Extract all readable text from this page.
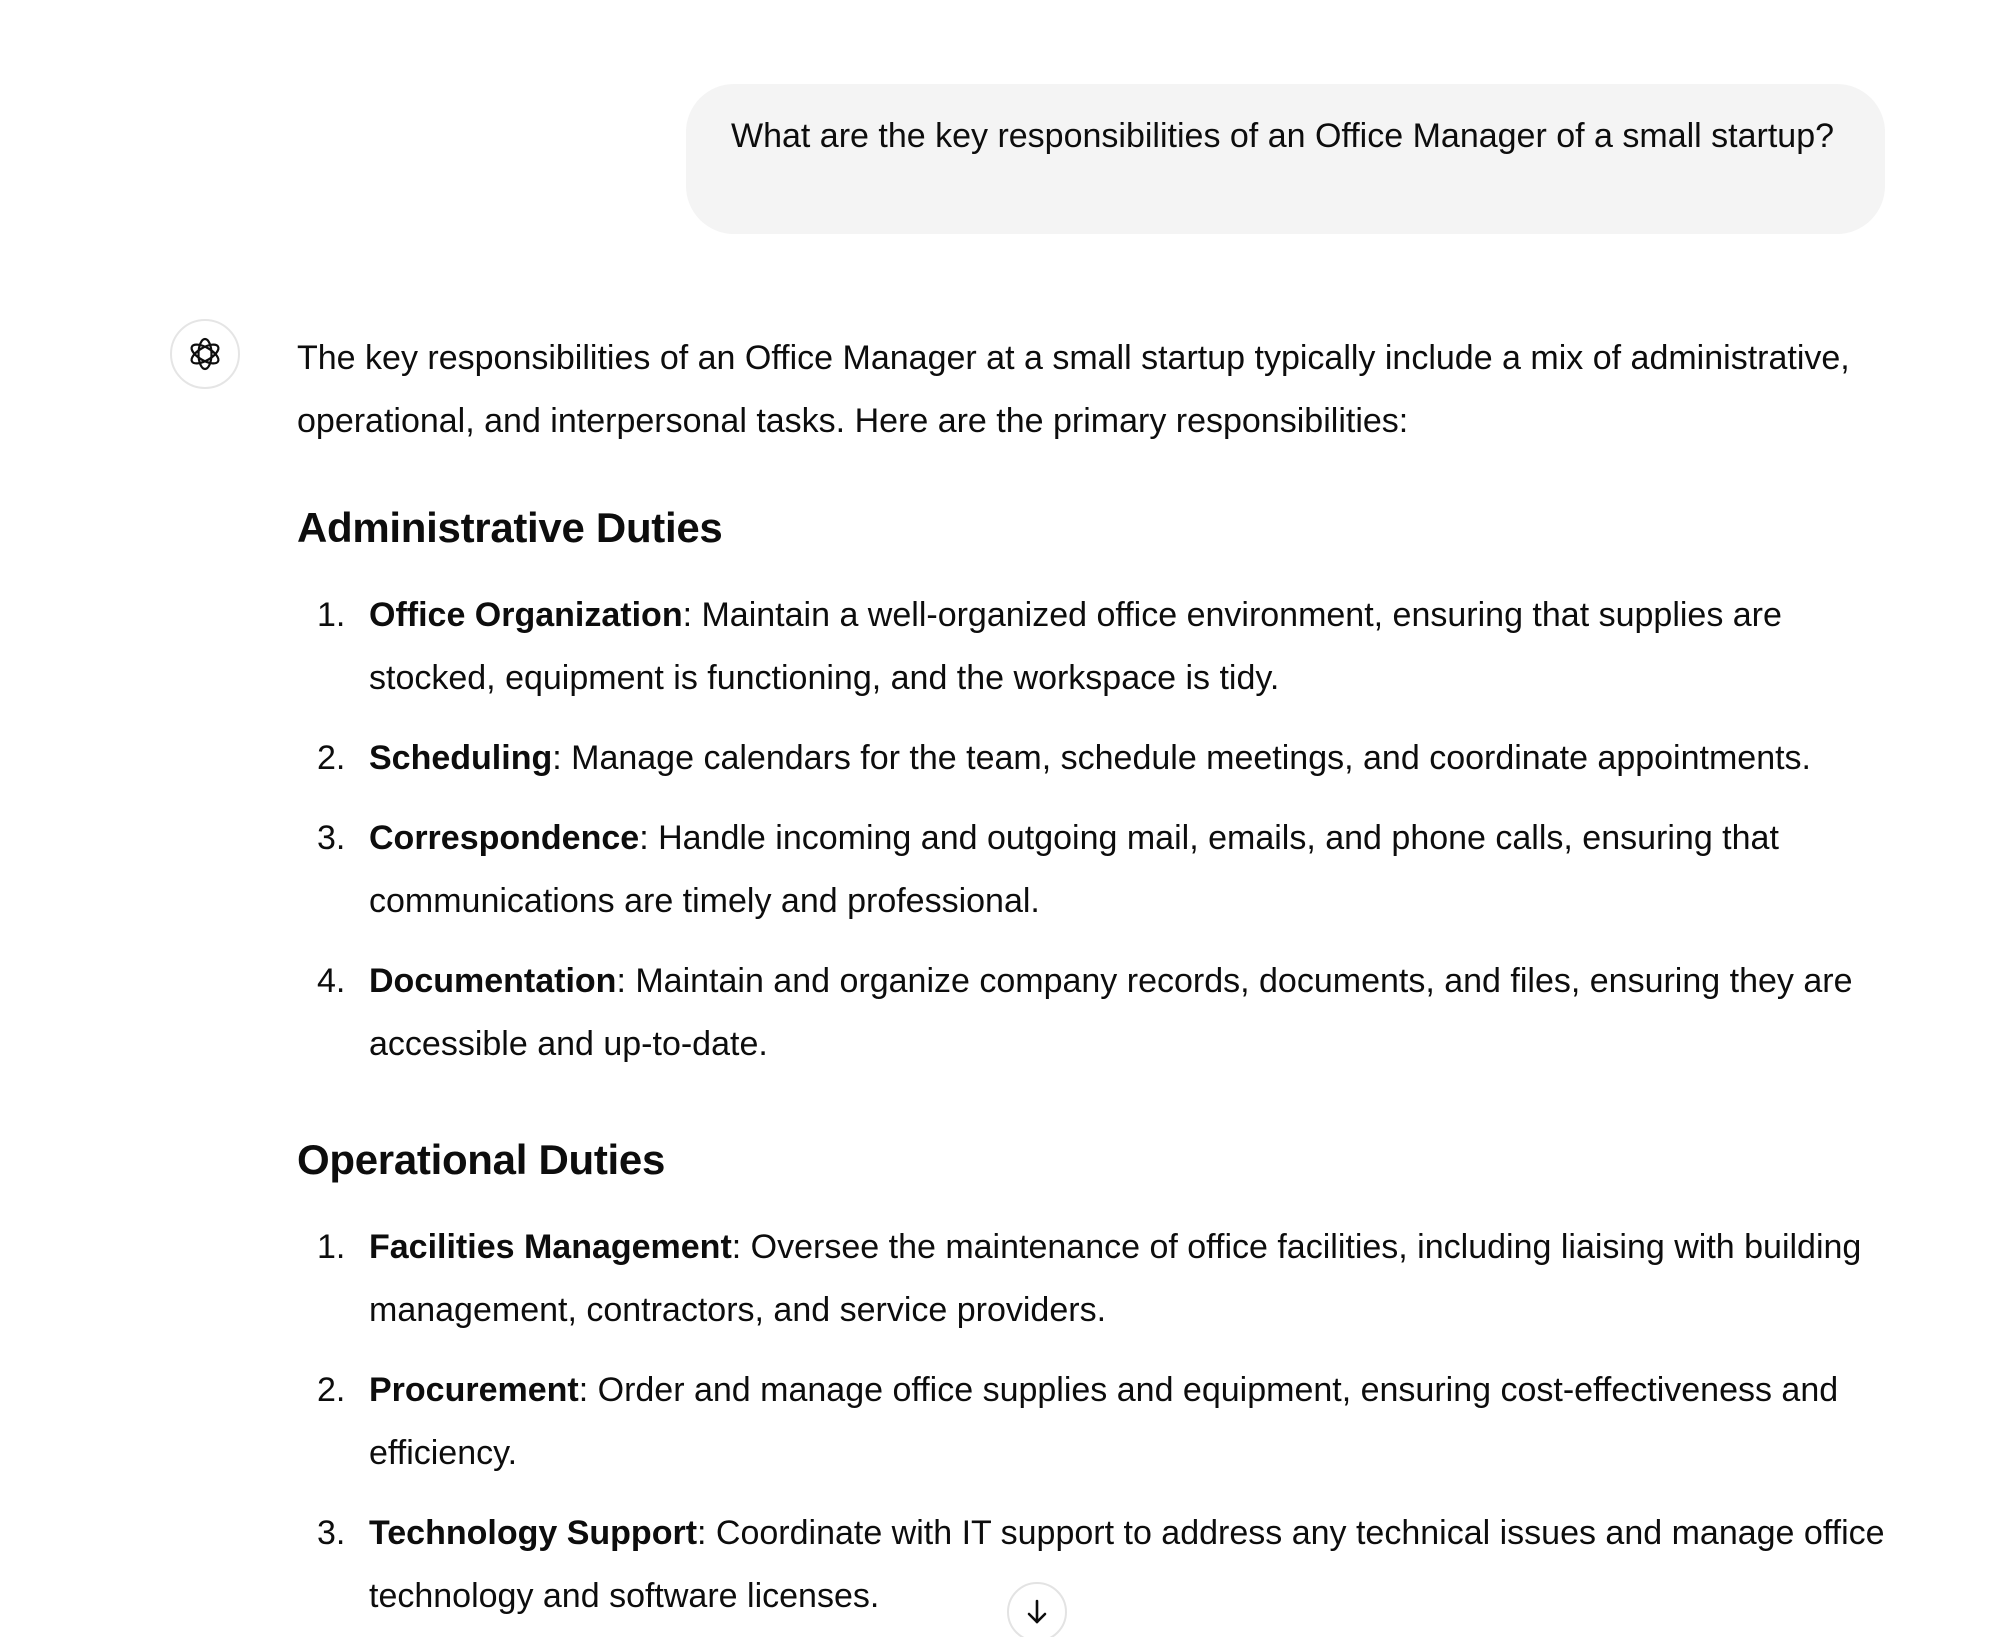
What are the key responsibilities of an Office Manager of a small startup?

The key responsibilities of an Office Manager at a small startup typically include a mix of administrative, operational, and interpersonal tasks. Here are the primary responsibilities:

Administrative Duties
1. Office Organization: Maintain a well-organized office environment, ensuring that supplies are stocked, equipment is functioning, and the workspace is tidy.
2. Scheduling: Manage calendars for the team, schedule meetings, and coordinate appointments.
3. Correspondence: Handle incoming and outgoing mail, emails, and phone calls, ensuring that communications are timely and professional.
4. Documentation: Maintain and organize company records, documents, and files, ensuring they are accessible and up-to-date.
Operational Duties
1. Facilities Management: Oversee the maintenance of office facilities, including liaising with building management, contractors, and service providers.
2. Procurement: Order and manage office supplies and equipment, ensuring cost-effectiveness and efficiency.
3. Technology Support: Coordinate with IT support to address any technical issues and manage office technology and software licenses.
